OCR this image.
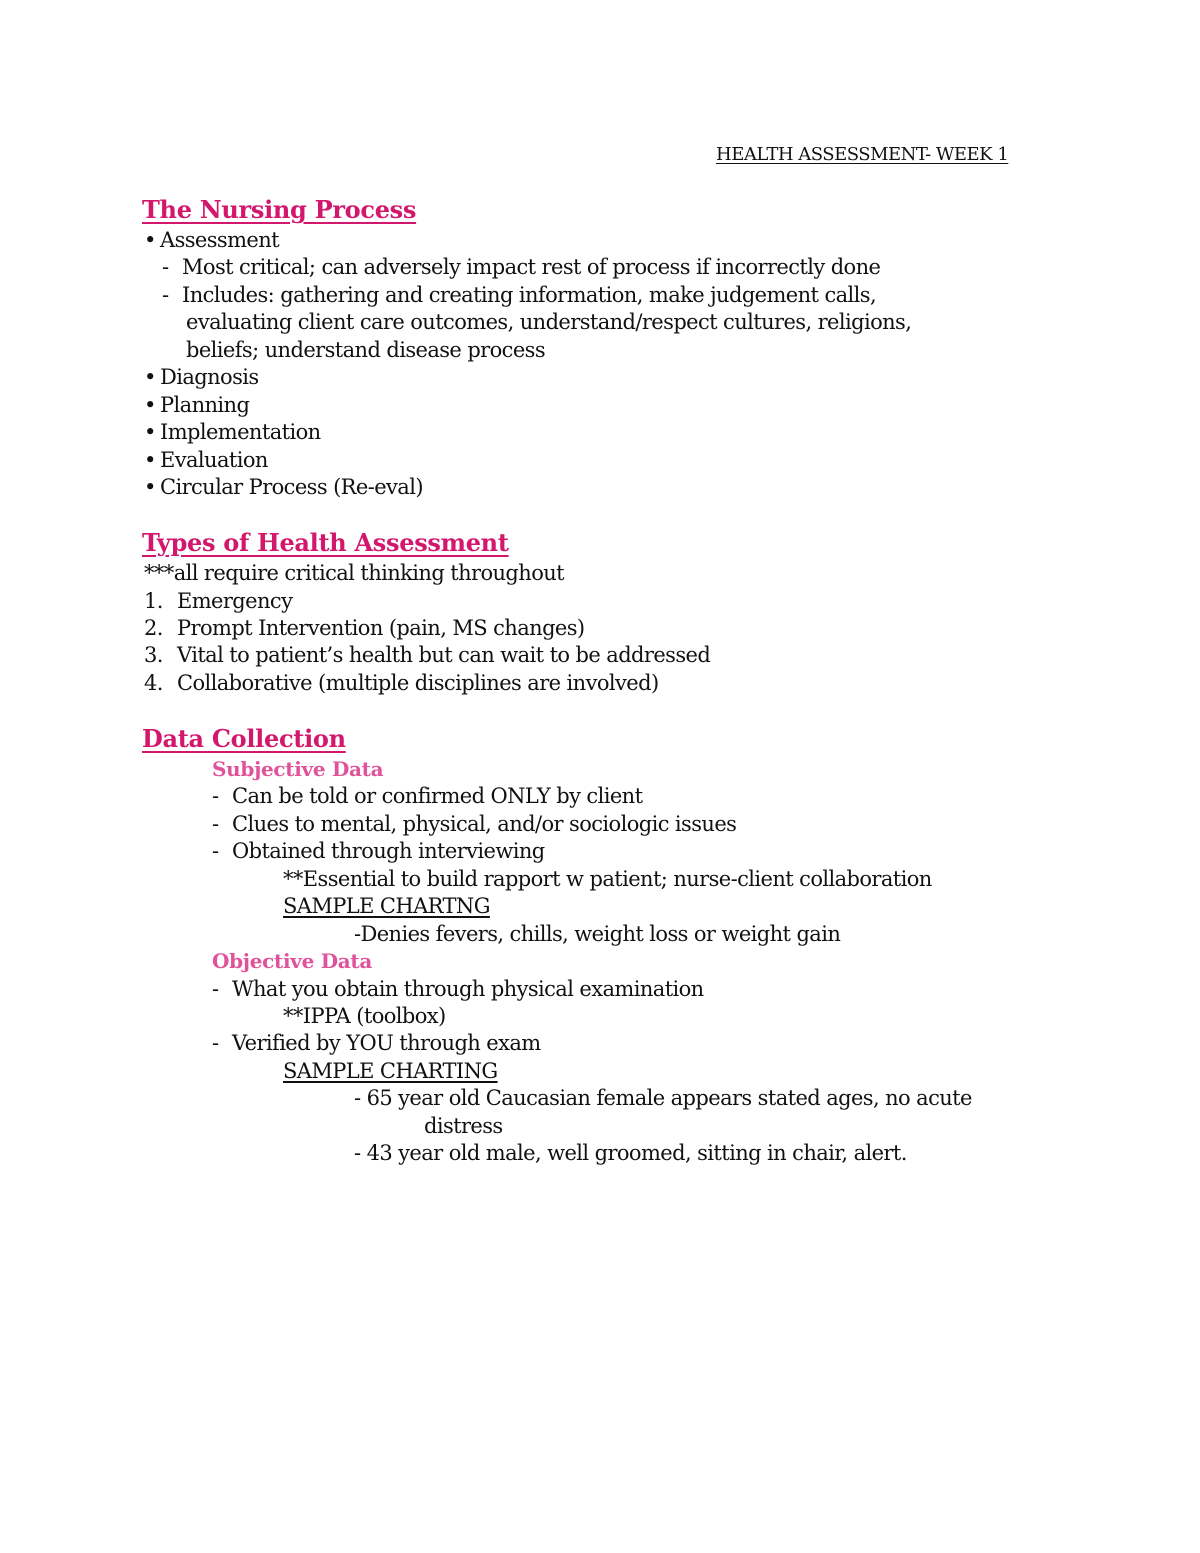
HEALTH ASSESSMENT- WEEK 1
The Nursing Process
• Assessment
- Most critical; can adversely impact rest of process if incorrectly done
- Includes: gathering and creating information, make judgement calls,
evaluating client care outcomes, understand/respect cultures, religions,
beliefs; understand disease process
• Diagnosis
• Planning
• Implementation
• Evaluation
• Circular Process (Re-eval)
Types of Health Assessment
***all require critical thinking throughout
1. Emergency
2. Prompt Intervention (pain, MS changes)
3. Vital to patient’s health but can wait to be addressed
4. Collaborative (multiple disciplines are involved)
Data Collection
Subjective Data
- Can be told or confirmed ONLY by client
- Clues to mental, physical, and/or sociologic issues
- Obtained through interviewing
**Essential to build rapport w patient; nurse-client collaboration
SAMPLE CHARTNG
-Denies fevers, chills, weight loss or weight gain
Objective Data
- What you obtain through physical examination
**IPPA (toolbox)
- Verified by YOU through exam
SAMPLE CHARTING
- 65 year old Caucasian female appears stated ages, no acute
distress
- 43 year old male, well groomed, sitting in chair, alert.
